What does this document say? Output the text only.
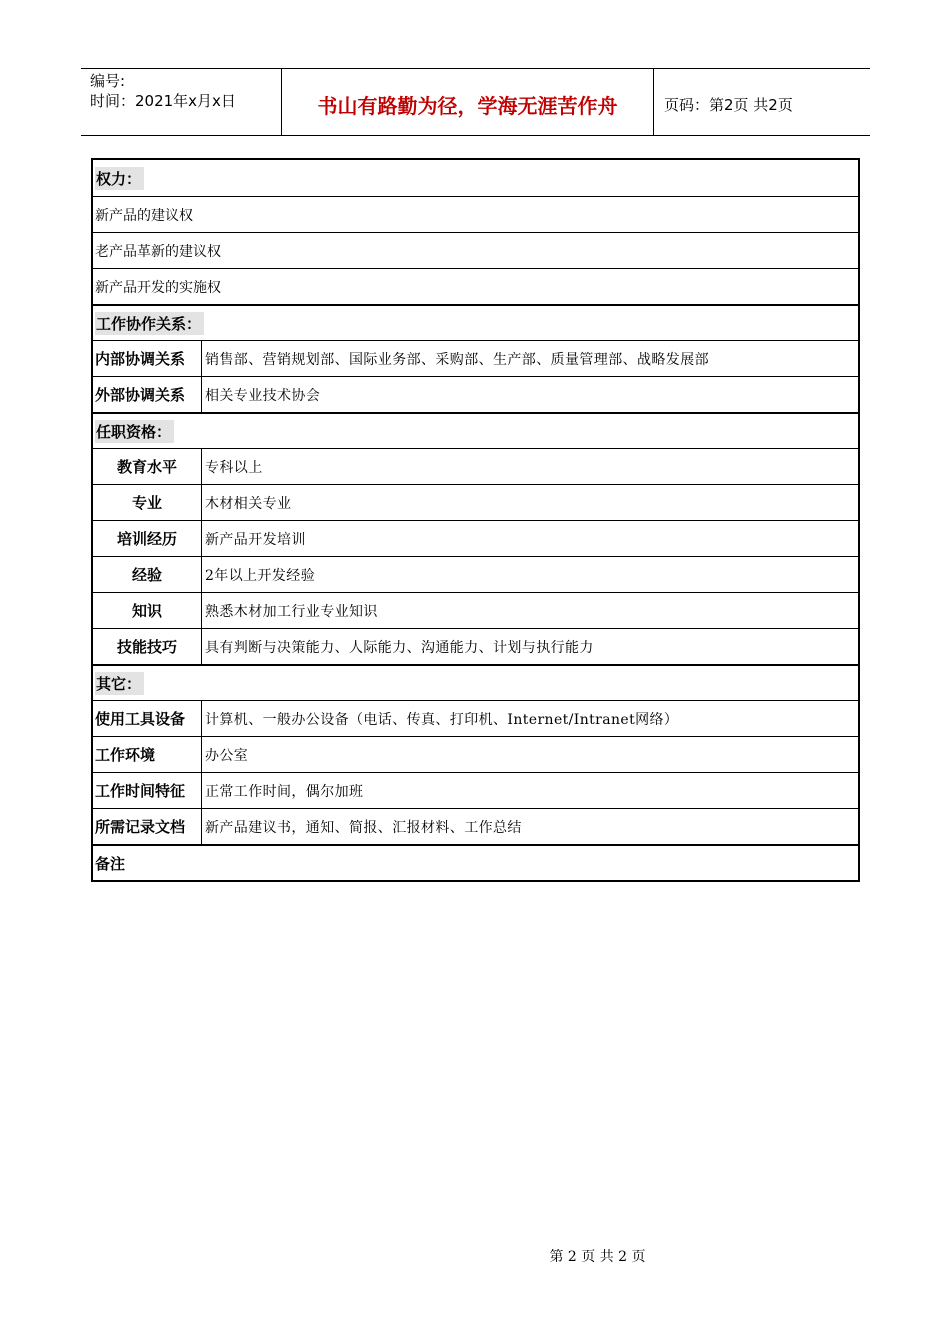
编号:
时间：2021年x月x日	书山有路勤为径，学海无涯苦作舟	页码：第2页 共2页
权力：
新产品的建议权
老产品革新的建议权
新产品开发的实施权
工作协作关系：
内部协调关系	销售部、营销规划部、国际业务部、采购部、生产部、质量管理部、战略发展部
外部协调关系	相关专业技术协会
任职资格：
教育水平	专科以上
专业	木材相关专业
培训经历	新产品开发培训
经验	2年以上开发经验
知识	熟悉木材加工行业专业知识
技能技巧	具有判断与决策能力、人际能力、沟通能力、计划与执行能力
其它：
使用工具设备	计算机、一般办公设备（电话、传真、打印机、Internet/Intranet网络）
工作环境	办公室
工作时间特征	正常工作时间，偶尔加班
所需记录文档	新产品建议书，通知、简报、汇报材料、工作总结
备注
第 2 页 共 2 页
